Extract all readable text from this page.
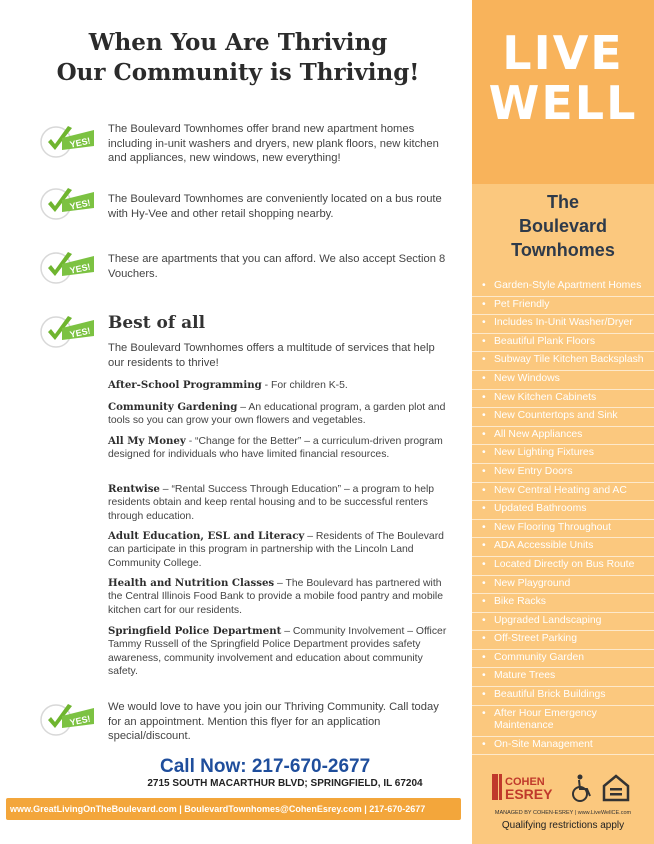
When You Are Thriving
Our Community is Thriving!
YES!
YES!
YES!
YES!
YES!

The Boulevard Townhomes offer brand new apartment homes including in-unit washers and dryers, new plank floors, new kitchen and appliances, new windows, new everything!

The Boulevard Townhomes are conveniently located on a bus route with Hy-Vee and other retail shopping nearby.

These are apartments that you can afford. We also accept Section 8 Vouchers.

Best of all

The Boulevard Townhomes offers a multitude of services that help our residents to thrive!

After-School Programming - For children K-5.

Community Gardening – An educational program, a garden plot and tools so you can grow your own flowers and vegetables.

All My Money - “Change for the Better” – a curriculum-driven program designed for individuals who have limited financial resources.

Rentwise – “Rental Success Through Education” – a program to help residents obtain and keep rental housing and to be successful renters through education.

Adult Education, ESL and Literacy – Residents of The Boulevard can participate in this program in partnership with the Lincoln Land Community College.

Health and Nutrition Classes – The Boulevard has partnered with the Central Illinois Food Bank to provide a mobile food pantry and mobile kitchen cart for our residents.

Springfield Police Department – Community Involvement – Officer Tammy Russell of the Springfield Police Department provides safety awareness, community involvement and education about community safety.

We would love to have you join our Thriving Community. Call today for an appointment. Mention this flyer for an application special/discount.

Call Now: 217-670-2677
2715 SOUTH MACARTHUR BLVD; SPRINGFIELD, IL 67204
www.GreatLivingOnTheBoulevard.com | BoulevardTownhomes@CohenEsrey.com | 217-670-2677
LIVE
WELL
The
Boulevard
Townhomes
• Garden-Style Apartment Homes
• Pet Friendly
• Includes In-Unit Washer/Dryer
• Beautiful Plank Floors
• Subway Tile Kitchen Backsplash
• New Windows
• New Kitchen Cabinets
• New Countertops and Sink
• All New Appliances
• New Lighting Fixtures
• New Entry Doors
• New Central Heating and AC
• Updated Bathrooms
• New Flooring Throughout
• ADA Accessible Units
• Located Directly on Bus Route
• New Playground
• Bike Racks
• Upgraded Landscaping
• Off-Street Parking
• Community Garden
• Mature Trees
• Beautiful Brick Buildings
• After Hour Emergency Maintenance
• On-Site Management
COHEN
ESREY
MANAGED BY COHEN-ESREY | www.LiveWellCE.com
Qualifying restrictions apply
